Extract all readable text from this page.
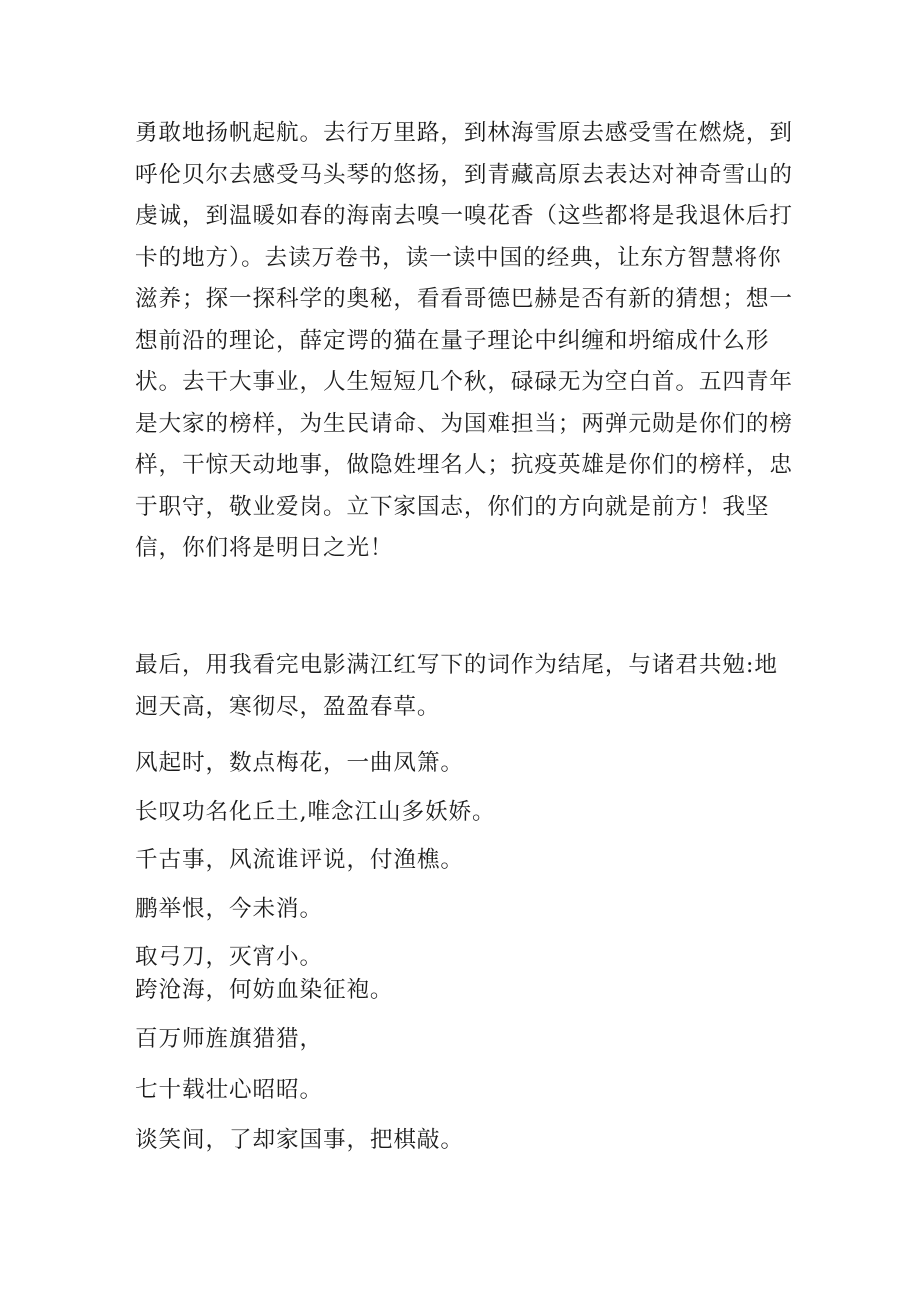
勇敢地扬帆起航。去行万里路，到林海雪原去感受雪在燃烧，到呼伦贝尔去感受马头琴的悠扬，到青藏高原去表达对神奇雪山的虔诚，到温暖如春的海南去嗅一嗅花香（这些都将是我退休后打卡的地方）。去读万卷书，读一读中国的经典，让东方智慧将你滋养；探一探科学的奥秘，看看哥德巴赫是否有新的猜想；想一想前沿的理论，薛定谔的猫在量子理论中纠缠和坍缩成什么形状。去干大事业，人生短短几个秋，碌碌无为空白首。五四青年是大家的榜样，为生民请命、为国难担当；两弹元勋是你们的榜样，干惊天动地事，做隐姓埋名人；抗疫英雄是你们的榜样，忠于职守，敬业爱岗。立下家国志，你们的方向就是前方！我坚信，你们将是明日之光！

最后，用我看完电影满江红写下的词作为结尾，与诸君共勉:地迥天高，寒彻尽，盈盈春草。

风起时，数点梅花，一曲凤箫。

长叹功名化丘土,唯念江山多妖娇。

千古事，风流谁评说，付渔樵。

鹏举恨，今未消。

取弓刀，灭宵小。

跨沧海，何妨血染征袍。

百万师旌旗猎猎，

七十载壮心昭昭。

谈笑间，了却家国事，把棋敲。
